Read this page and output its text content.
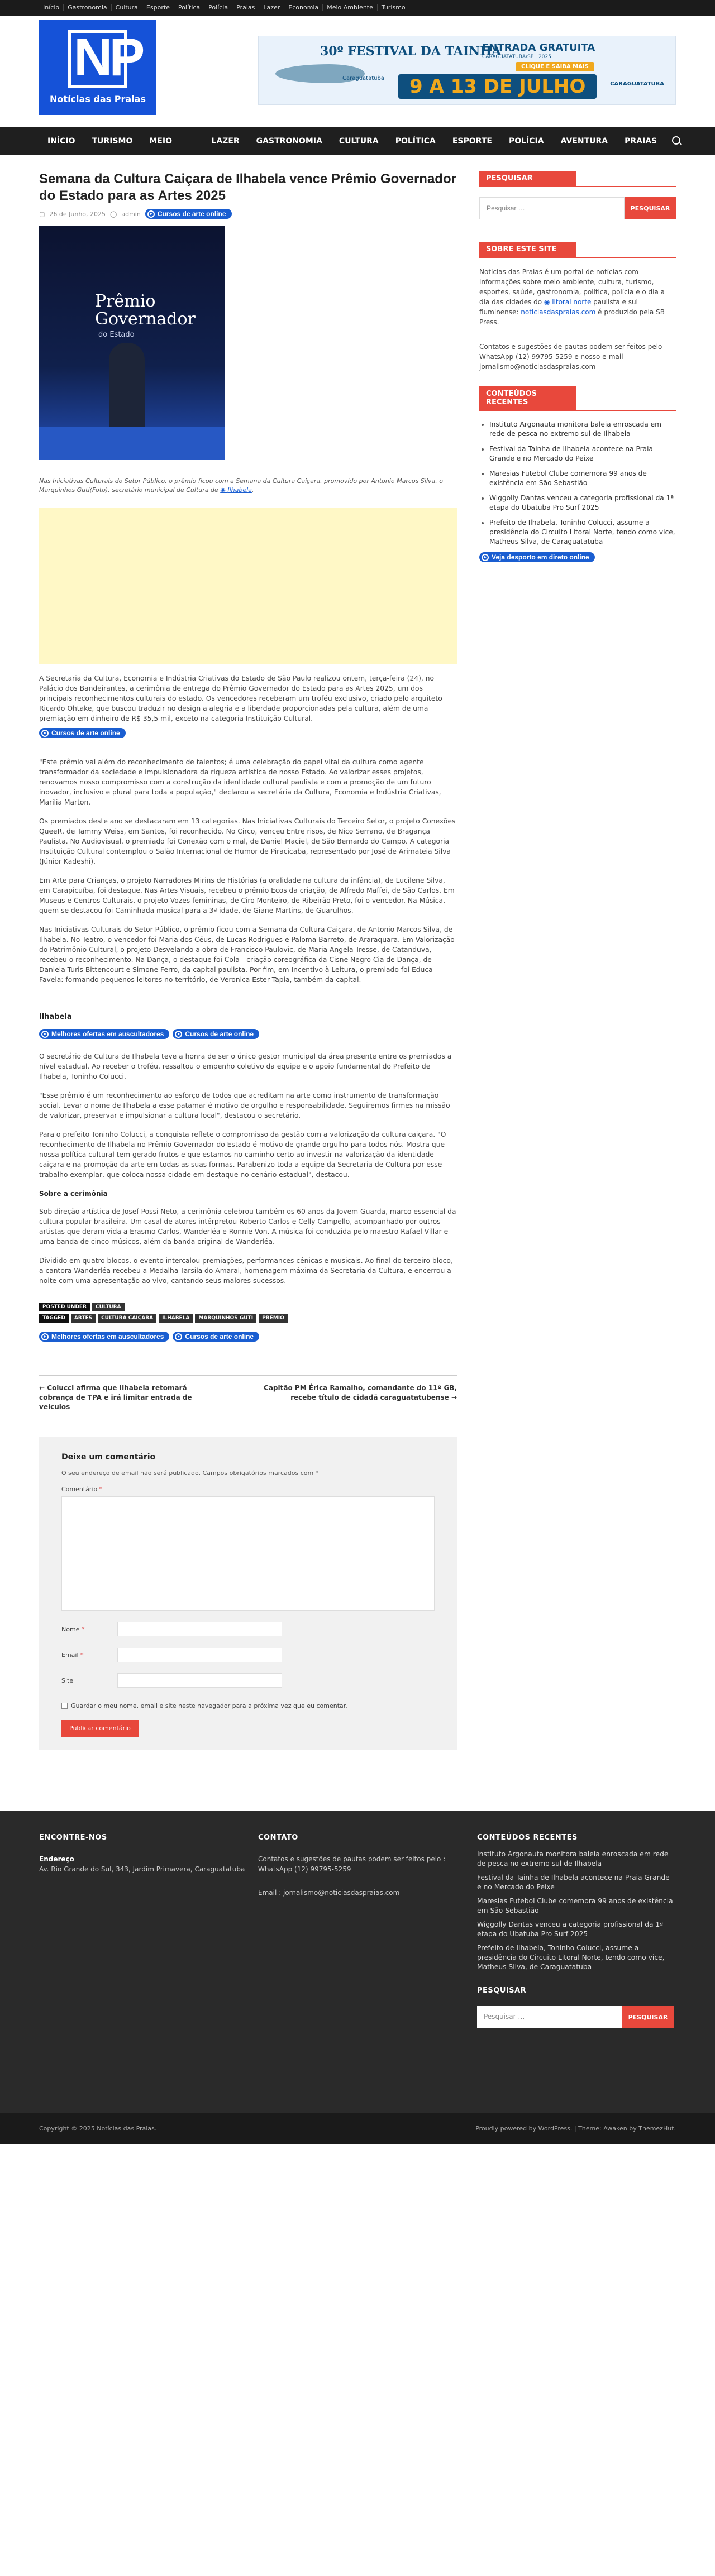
Início	Gastronomia	Cultura	Esporte	Política	Polícia	Praias	Lazer	Economia	Meio Ambiente	Turismo
NP
Notícias das Praias
30º FESTIVAL DA TAINHA
Caraguatatuba
ENTRADA GRATUITA
CARAGUATATUBA/SP | 2025
CLIQUE E SAIBA MAIS
9 A 13 DE JULHO	CARAGUATATUBA
INÍCIO	TURISMO	MEIO AMBIENTE
LAZER	GASTRONOMIA	CULTURA	POLÍTICA	ESPORTE	POLÍCIA	AVENTURA	PRAIAS
Semana da Cultura Caiçara de Ilhabela vence Prêmio Governador do Estado para as Artes 2025
▢ 26 de Junho, 2025 ◯ admin	Cursos de arte online
Prêmio Governador
do Estado

Nas Iniciativas Culturais do Setor Público, o prêmio ficou com a Semana da Cultura Caiçara, promovido por Antonio Marcos Silva, o Marquinhos Guti(Foto), secretário municipal de Cultura de ◉ Ilhabela.

A Secretaria da Cultura, Economia e Indústria Criativas do Estado de São Paulo realizou ontem, terça-feira (24), no Palácio dos Bandeirantes, a cerimônia de entrega do Prêmio Governador do Estado para as Artes 2025, um dos principais reconhecimentos culturais do estado. Os vencedores receberam um troféu exclusivo, criado pelo arquiteto Ricardo Ohtake, que buscou traduzir no design a alegria e a liberdade proporcionadas pela cultura, além de uma premiação em dinheiro de R$ 35,5 mil, exceto na categoria Instituição Cultural.

Cursos de arte online

"Este prêmio vai além do reconhecimento de talentos; é uma celebração do papel vital da cultura como agente transformador da sociedade e impulsionadora da riqueza artística de nosso Estado. Ao valorizar esses projetos, renovamos nosso compromisso com a construção da identidade cultural paulista e com a promoção de um futuro inovador, inclusivo e plural para toda a população," declarou a secretária da Cultura, Economia e Indústria Criativas, Marilia Marton.

Os premiados deste ano se destacaram em 13 categorias. Nas Iniciativas Culturais do Terceiro Setor, o projeto Conexões QueeR, de Tammy Weiss, em Santos, foi reconhecido. No Circo, venceu Entre risos, de Nico Serrano, de Bragança Paulista. No Audiovisual, o premiado foi Conexão com o mal, de Daniel Maciel, de São Bernardo do Campo. A categoria Instituição Cultural contemplou o Salão Internacional de Humor de Piracicaba, representado por José de Arimateia Silva (Júnior Kadeshi).

Em Arte para Crianças, o projeto Narradores Mirins de Histórias (a oralidade na cultura da infância), de Lucilene Silva, em Carapicuíba, foi destaque. Nas Artes Visuais, recebeu o prêmio Ecos da criação, de Alfredo Maffei, de São Carlos. Em Museus e Centros Culturais, o projeto Vozes femininas, de Ciro Monteiro, de Ribeirão Preto, foi o vencedor. Na Música, quem se destacou foi Caminhada musical para a 3ª idade, de Giane Martins, de Guarulhos.

Nas Iniciativas Culturais do Setor Público, o prêmio ficou com a Semana da Cultura Caiçara, de Antonio Marcos Silva, de Ilhabela. No Teatro, o vencedor foi Maria dos Céus, de Lucas Rodrigues e Paloma Barreto, de Araraquara. Em Valorização do Patrimônio Cultural, o projeto Desvelando a obra de Francisco Paulovic, de Maria Angela Tresse, de Catanduva, recebeu o reconhecimento. Na Dança, o destaque foi Cola - criação coreográfica da Cisne Negro Cia de Dança, de Daniela Turis Bittencourt e Simone Ferro, da capital paulista. Por fim, em Incentivo à Leitura, o premiado foi Educa Favela: formando pequenos leitores no território, de Veronica Ester Tapia, também da capital.

Ilhabela
Melhores ofertas em auscultadores	Cursos de arte online

O secretário de Cultura de Ilhabela teve a honra de ser o único gestor municipal da área presente entre os premiados a nível estadual. Ao receber o troféu, ressaltou o empenho coletivo da equipe e o apoio fundamental do Prefeito de Ilhabela, Toninho Colucci.

"Esse prêmio é um reconhecimento ao esforço de todos que acreditam na arte como instrumento de transformação social. Levar o nome de Ilhabela a esse patamar é motivo de orgulho e responsabilidade. Seguiremos firmes na missão de valorizar, preservar e impulsionar a cultura local", destacou o secretário.

Para o prefeito Toninho Colucci, a conquista reflete o compromisso da gestão com a valorização da cultura caiçara. "O reconhecimento de Ilhabela no Prêmio Governador do Estado é motivo de grande orgulho para todos nós. Mostra que nossa política cultural tem gerado frutos e que estamos no caminho certo ao investir na valorização da identidade caiçara e na promoção da arte em todas as suas formas. Parabenizo toda a equipe da Secretaria de Cultura por esse trabalho exemplar, que coloca nossa cidade em destaque no cenário estadual", destacou.

Sobre a cerimônia

Sob direção artística de Josef Possi Neto, a cerimônia celebrou também os 60 anos da Jovem Guarda, marco essencial da cultura popular brasileira. Um casal de atores intérpretou Roberto Carlos e Celly Campello, acompanhado por outros artistas que deram vida a Erasmo Carlos, Wanderléa e Ronnie Von. A música foi conduzida pelo maestro Rafael Villar e uma banda de cinco músicos, além da banda original de Wanderléa.

Dividido em quatro blocos, o evento intercalou premiações, performances cênicas e musicais. Ao final do terceiro bloco, a cantora Wanderléa recebeu a Medalha Tarsila do Amaral, homenagem máxima da Secretaria da Cultura, e encerrou a noite com uma apresentação ao vivo, cantando seus maiores sucessos.

POSTED UNDER	CULTURA
TAGGED	ARTES	CULTURA CAIÇARA	ILHABELA	MARQUINHOS GUTI	PRÊMIO
Melhores ofertas em auscultadores	Cursos de arte online
← Colucci afirma que Ilhabela retomará cobrança de TPA e irá limitar entrada de veículos
Capitão PM Érica Ramalho, comandante do 11º GB, recebe título de cidadã caraguatatubense →
Deixe um comentário
O seu endereço de email não será publicado. Campos obrigatórios marcados com *
Comentário *
Nome *
Email *
Site
Guardar o meu nome, email e site neste navegador para a próxima vez que eu comentar.
Publicar comentário
PESQUISAR
Pesquisar …	PESQUISAR
SOBRE ESTE SITE

Notícias das Praias é um portal de notícias com informações sobre meio ambiente, cultura, turismo, esportes, saúde, gastronomia, política, polícia e o dia a dia das cidades do ◉ litoral norte paulista e sul fluminense: noticiasdaspraias.com é produzido pela SB Press.

Contatos e sugestões de pautas podem ser feitos pelo WhatsApp (12) 99795-5259 e nosso e-mail jornalismo@noticiasdaspraias.com

CONTEÚDOS RECENTES
Instituto Argonauta monitora baleia enroscada em rede de pesca no extremo sul de Ilhabela
Festival da Tainha de Ilhabela acontece na Praia Grande e no Mercado do Peixe
Maresias Futebol Clube comemora 99 anos de existência em São Sebastião
Wiggolly Dantas venceu a categoria profissional da 1ª etapa do Ubatuba Pro Surf 2025
Prefeito de Ilhabela, Toninho Colucci, assume a presidência do Circuito Litoral Norte, tendo como vice, Matheus Silva, de Caraguatatuba
Veja desporto em direto online
ENCONTRE-NOS
Endereço
Av. Rio Grande do Sul, 343, Jardim Primavera, Caraguatatuba
CONTATO
Contatos e sugestões de pautas podem ser feitos pelo :
WhatsApp (12) 99795-5259
Email : jornalismo@noticiasdaspraias.com
CONTEÚDOS RECENTES
Instituto Argonauta monitora baleia enroscada em rede de pesca no extremo sul de Ilhabela
Festival da Tainha de Ilhabela acontece na Praia Grande e no Mercado do Peixe
Maresias Futebol Clube comemora 99 anos de existência em São Sebastião
Wiggolly Dantas venceu a categoria profissional da 1ª etapa do Ubatuba Pro Surf 2025
Prefeito de Ilhabela, Toninho Colucci, assume a presidência do Circuito Litoral Norte, tendo como vice, Matheus Silva, de Caraguatatuba
PESQUISAR
Pesquisar …	PESQUISAR
Copyright © 2025 Notícias das Praias.	Proudly powered by WordPress. | Theme: Awaken by ThemezHut.
